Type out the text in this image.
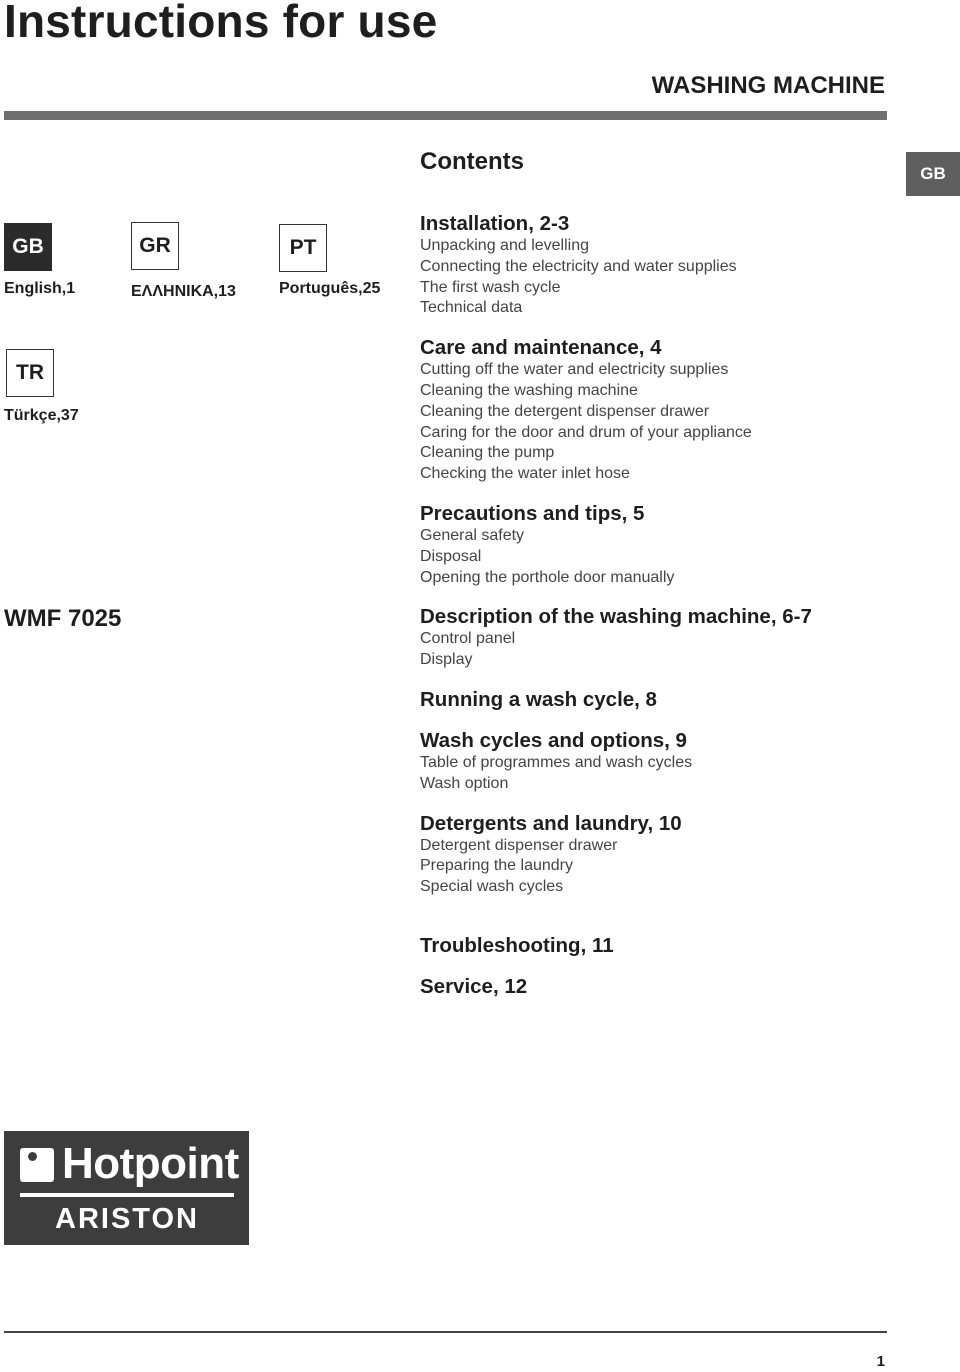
Instructions for use
WASHING MACHINE
GB
Contents
GB
English,1
GR
ΕΛΛΗΝΙΚΑ,13
PT
Português,25
TR
Türkçe,37
WMF 7025
Installation, 2-3
Unpacking and levelling
Connecting the electricity and water supplies
The first wash cycle
Technical data
Care and maintenance, 4
Cutting off the water and electricity supplies
Cleaning the washing machine
Cleaning the detergent dispenser drawer
Caring for the door and drum of your appliance
Cleaning the pump
Checking the water inlet hose
Precautions and tips, 5
General safety
Disposal
Opening the porthole door manually
Description of the washing machine, 6-7
Control panel
Display
Running a wash cycle, 8
Wash cycles and options, 9
Table of programmes and wash cycles
Wash option
Detergents and laundry, 10
Detergent dispenser drawer
Preparing the laundry
Special wash cycles
Troubleshooting, 11
Service, 12
Hotpoint
ARISTON
1
